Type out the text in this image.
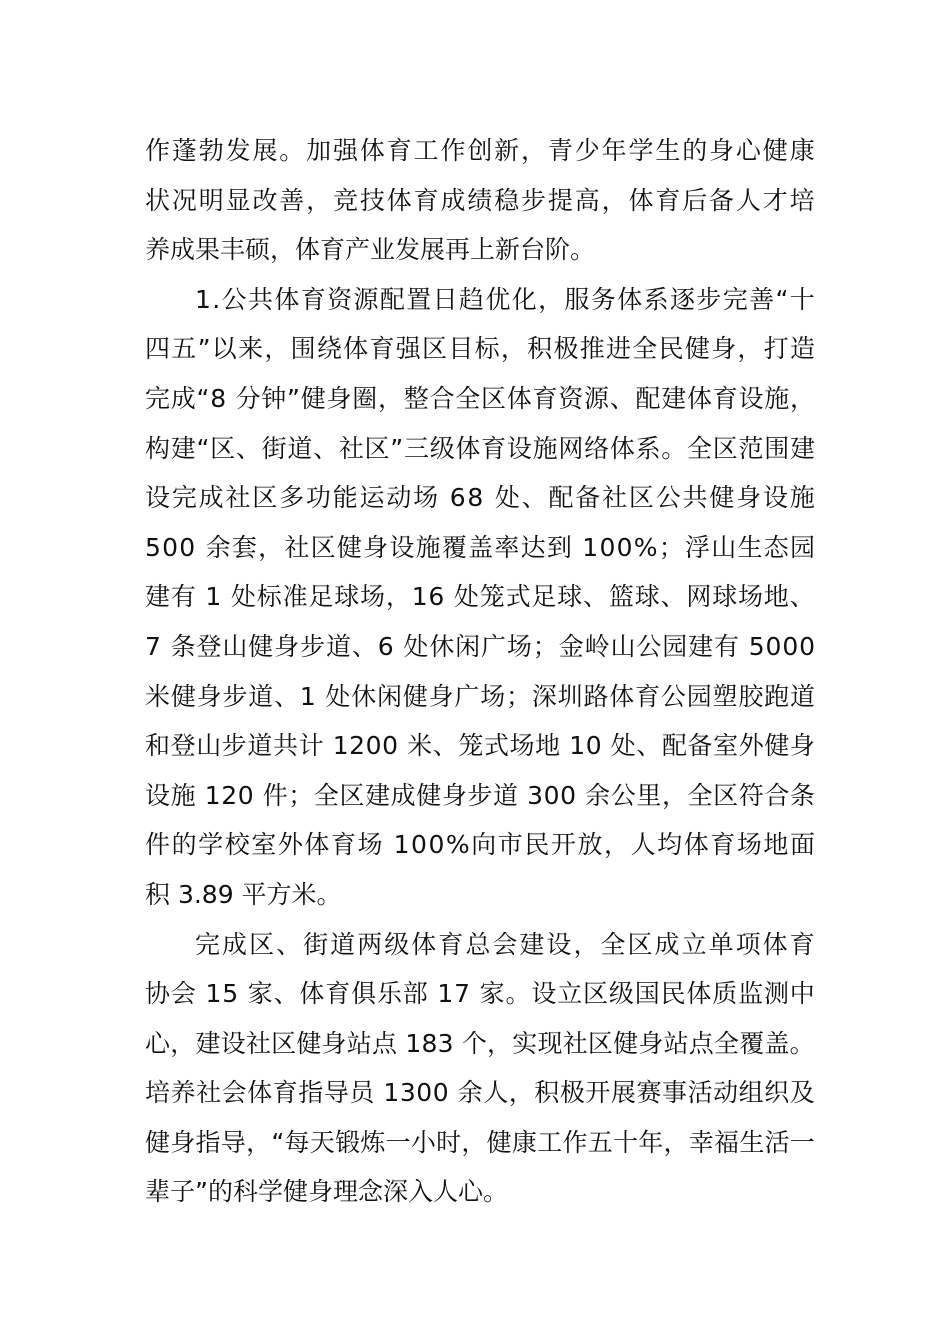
作 蓬 勃 发 展 。 加 强 体 育 工 作 创 新 ， 青 少 年 学 生 的 身 心 健 康
状 况 明 显 改 善 ， 竞 技 体 育 成 绩 稳 步 提 高 ， 体 育 后 备 人 才 培
养成果丰硕，体育产业发展再上新台阶。
1 . 公 共 体 育 资 源 配 置 日 趋 优 化 ， 服 务 体 系 逐 步 完 善 “ 十
四 五 ” 以 来 ， 围 绕 体 育 强 区 目 标 ， 积 极 推 进 全 民 健 身 ， 打 造
完 成 “ 8
分 钟 ” 健 身 圈 ， 整 合 全 区 体 育 资 源 、 配 建 体 育 设 施 ，
构 建 “ 区 、 街 道 、 社 区 ” 三 级 体 育 设 施 网 络 体 系 。 全 区 范 围 建
设 完 成 社 区 多 功 能 运 动 场
6 8
处 、 配 备 社 区 公 共 健 身 设 施
5 0 0
余 套 ， 社 区 健 身 设 施 覆 盖 率 达 到
1 0 0 % ； 浮 山 生 态 园
建 有
1
处 标 准 足 球 场 ， 1 6
处 笼 式 足 球 、 篮 球 、 网 球 场 地 、
7
条 登 山 健 身 步 道 、 6
处 休 闲 广 场 ； 金 岭 山 公 园 建 有
5 0 0 0
米 健 身 步 道 、 1
处 休 闲 健 身 广 场 ； 深 圳 路 体 育 公 园 塑 胶 跑 道
和 登 山 步 道 共 计
1 2 0 0
米 、 笼 式 场 地
1 0
处 、 配 备 室 外 健 身
设 施
1 2 0
件 ； 全 区 建 成 健 身 步 道
3 0 0
余 公 里 ， 全 区 符 合 条
件 的 学 校 室 外 体 育 场
1 0 0 % 向 市 民 开 放 ， 人 均 体 育 场 地 面
积 3.89 平方米。
完 成 区 、 街 道 两 级 体 育 总 会 建 设 ， 全 区 成 立 单 项 体 育
协 会
1 5
家 、 体 育 俱 乐 部
1 7
家 。 设 立 区 级 国 民 体 质 监 测 中
心 ， 建 设 社 区 健 身 站 点
1 8 3
个 ， 实 现 社 区 健 身 站 点 全 覆 盖 。
培 养 社 会 体 育 指 导 员
1 3 0 0
余 人 ， 积 极 开 展 赛 事 活 动 组 织 及
健 身 指 导 ， “ 每 天 锻 炼 一 小 时 ， 健 康 工 作 五 十 年 ， 幸 福 生 活 一
辈子”的科学健身理念深入人心。
